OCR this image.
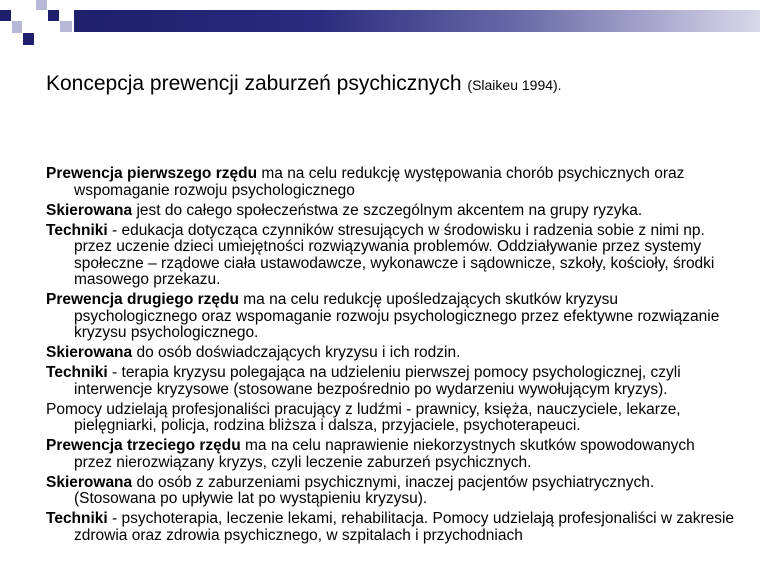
Koncepcja prewencji zaburzeń psychicznych (Slaikeu 1994).

Prewencja pierwszego rzędu ma na celu redukcję występowania chorób psychicznych oraz wspomaganie rozwoju psychologicznego

Skierowana jest do całego społeczeństwa ze szczególnym akcentem na grupy ryzyka.

Techniki - edukacja dotycząca czynników stresujących w środowisku i radzenia sobie z nimi np. przez uczenie dzieci umiejętności rozwiązywania problemów. Oddziaływanie przez systemy społeczne – rządowe ciała ustawodawcze, wykonawcze i sądownicze, szkoły, kościoły, środki masowego przekazu.

Prewencja drugiego rzędu ma na celu redukcję upośledzających skutków kryzysu psychologicznego oraz wspomaganie rozwoju psychologicznego przez efektywne rozwiązanie kryzysu psychologicznego.

Skierowana do osób doświadczających kryzysu i ich rodzin.

Techniki - terapia kryzysu polegająca na udzieleniu pierwszej pomocy psychologicznej, czyli interwencje kryzysowe (stosowane bezpośrednio po wydarzeniu wywołującym kryzys).

Pomocy udzielają profesjonaliści pracujący z ludźmi - prawnicy, księża, nauczyciele, lekarze, pielęgniarki, policja, rodzina bliższa i dalsza, przyjaciele, psychoterapeuci.

Prewencja trzeciego rzędu ma na celu naprawienie niekorzystnych skutków spowodowanych przez nierozwiązany kryzys, czyli leczenie zaburzeń psychicznych.

Skierowana do osób z zaburzeniami psychicznymi, inaczej pacjentów psychiatrycznych. (Stosowana po upływie lat po wystąpieniu kryzysu).

Techniki - psychoterapia, leczenie lekami, rehabilitacja. Pomocy udzielają profesjonaliści w zakresie zdrowia oraz zdrowia psychicznego, w szpitalach i przychodniach
